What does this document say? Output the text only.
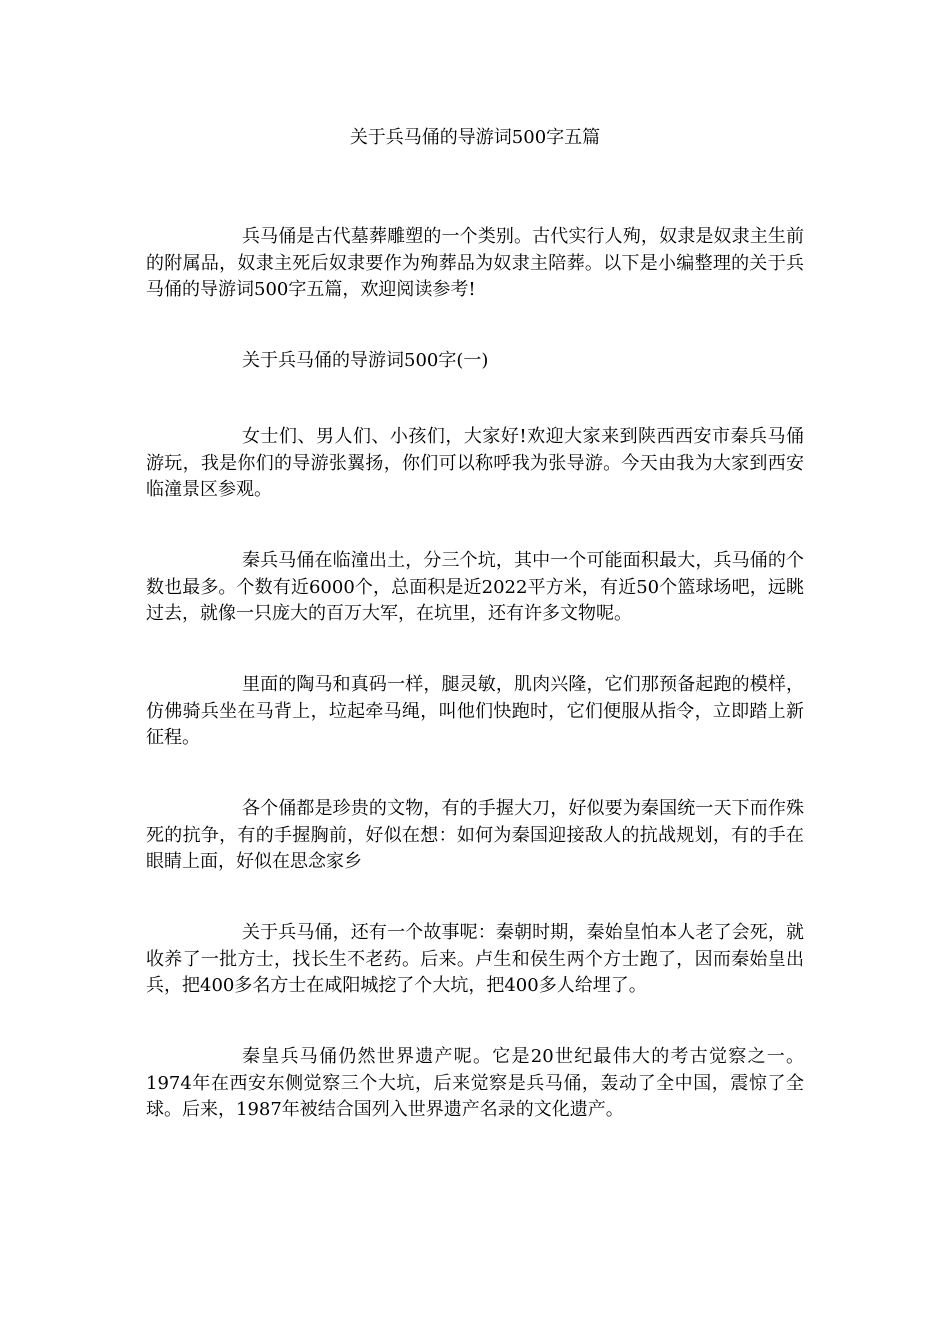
关于兵马俑的导游词500字五篇

兵马俑是古代墓葬雕塑的一个类别。古代实行人殉，奴隶是奴隶主生前的附属品，奴隶主死后奴隶要作为殉葬品为奴隶主陪葬。以下是小编整理的关于兵马俑的导游词500字五篇，欢迎阅读参考!

关于兵马俑的导游词500字(一)

女士们、男人们、小孩们，大家好!欢迎大家来到陕西西安市秦兵马俑游玩，我是你们的导游张翼扬，你们可以称呼我为张导游。今天由我为大家到西安临潼景区参观。

秦兵马俑在临潼出土，分三个坑，其中一个可能面积最大，兵马俑的个数也最多。个数有近6000个，总面积是近2022平方米，有近50个篮球场吧，远眺过去，就像一只庞大的百万大军，在坑里，还有许多文物呢。

里面的陶马和真码一样，腿灵敏，肌肉兴隆，它们那预备起跑的模样，仿佛骑兵坐在马背上，垃起牵马绳，叫他们快跑时，它们便服从指令，立即踏上新征程。

各个俑都是珍贵的文物，有的手握大刀，好似要为秦国统一天下而作殊死的抗争，有的手握胸前，好似在想：如何为秦国迎接敌人的抗战规划，有的手在眼睛上面，好似在思念家乡

关于兵马俑，还有一个故事呢：秦朝时期，秦始皇怕本人老了会死，就收养了一批方士，找长生不老药。后来。卢生和侯生两个方士跑了，因而秦始皇出兵，把400多名方士在咸阳城挖了个大坑，把400多人给埋了。

秦皇兵马俑仍然世界遗产呢。它是20世纪最伟大的考古觉察之一。1974年在西安东侧觉察三个大坑，后来觉察是兵马俑，轰动了全中国，震惊了全球。后来，1987年被结合国列入世界遗产名录的文化遗产。
